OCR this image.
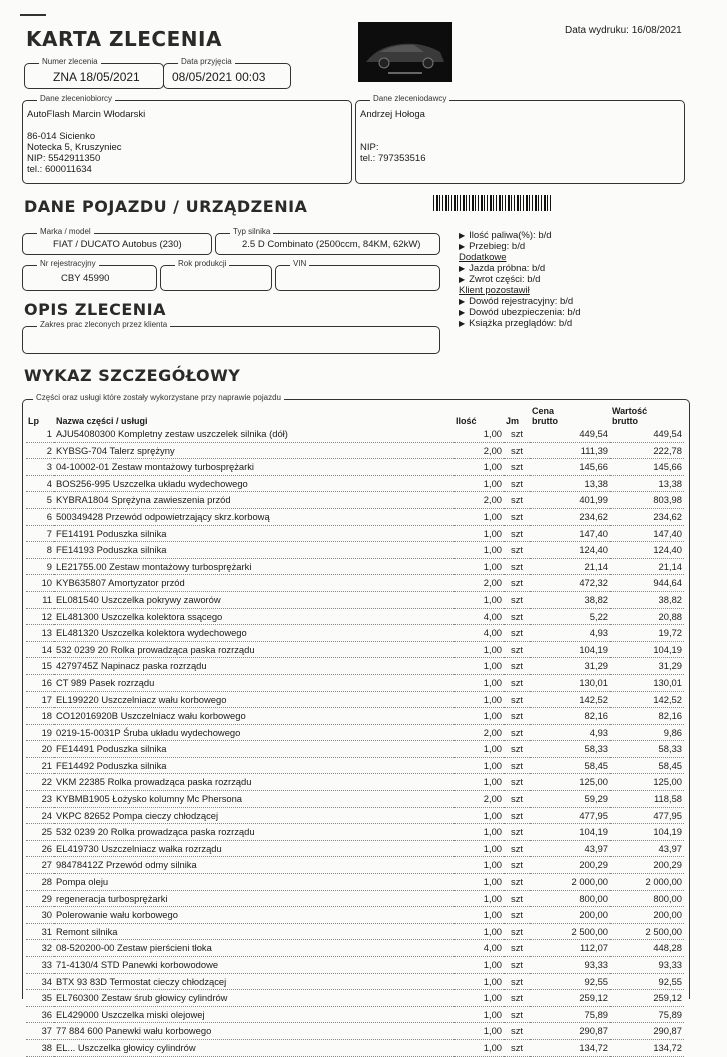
KARTA ZLECENIA	Data wydruku: 16/08/2021
Numer zlecenia
ZNA 18/05/2021
Data przyjęcia
08/05/2021 00:03
Dane zleceniobiorcy
AutoFlash Marcin Włodarski
86-014 Sicienko
Notecka 5, Kruszyniec
NIP: 5542911350
tel.: 600011634
Dane zleceniodawcy
Andrzej Hołoga
NIP:
tel.: 797353516
DANE POJAZDU / URZĄDZENIA
Marka / model
FIAT / DUCATO Autobus (230)
Typ silnika
2.5 D Combinato (2500ccm, 84KM, 62kW)
Nr rejestracyjny
CBY 45990
Rok produkcji	VIN
▶ Ilość paliwa(%): b/d
▶ Przebieg: b/d
Dodatkowe
▶ Jazda próbna: b/d
▶ Zwrot części: b/d
Klient pozostawił
▶ Dowód rejestracyjny: b/d
▶ Dowód ubezpieczenia: b/d
▶ Książka przeglądów: b/d
OPIS ZLECENIA
Zakres prac zleconych przez klienta
WYKAZ SZCZEGÓŁOWY
Części oraz usługi które zostały wykorzystane przy naprawie pojazdu
Lp	Nazwa części / usługi	Ilość	Jm	Cena
brutto	Wartość
brutto
1	AJU54080300 Kompletny zestaw uszczelek silnika (dół)	1,00	szt	449,54	449,54
2	KYBSG-704 Talerz sprężyny	2,00	szt	111,39	222,78
3	04-10002-01 Zestaw montażowy turbosprężarki	1,00	szt	145,66	145,66
4	BOS256-995 Uszczelka układu wydechowego	1,00	szt	13,38	13,38
5	KYBRA1804 Sprężyna zawieszenia przód	2,00	szt	401,99	803,98
6	500349428 Przewód odpowietrzający skrz.korbową	1,00	szt	234,62	234,62
7	FE14191 Poduszka silnika	1,00	szt	147,40	147,40
8	FE14193 Poduszka silnika	1,00	szt	124,40	124,40
9	LE21755.00 Zestaw montażowy turbosprężarki	1,00	szt	21,14	21,14
10	KYB635807 Amortyzator przód	2,00	szt	472,32	944,64
11	EL081540 Uszczelka pokrywy zaworów	1,00	szt	38,82	38,82
12	EL481300 Uszczelka kolektora ssącego	4,00	szt	5,22	20,88
13	EL481320 Uszczelka kolektora wydechowego	4,00	szt	4,93	19,72
14	532 0239 20 Rolka prowadząca paska rozrządu	1,00	szt	104,19	104,19
15	4279745Z Napinacz paska rozrządu	1,00	szt	31,29	31,29
16	CT 989 Pasek rozrządu	1,00	szt	130,01	130,01
17	EL199220 Uszczelniacz wału korbowego	1,00	szt	142,52	142,52
18	CO12016920B Uszczelniacz wału korbowego	1,00	szt	82,16	82,16
19	0219-15-0031P Śruba układu wydechowego	2,00	szt	4,93	9,86
20	FE14491 Poduszka silnika	1,00	szt	58,33	58,33
21	FE14492 Poduszka silnika	1,00	szt	58,45	58,45
22	VKM 22385 Rolka prowadząca paska rozrządu	1,00	szt	125,00	125,00
23	KYBMB1905 Łożysko kolumny Mc Phersona	2,00	szt	59,29	118,58
24	VKPC 82652 Pompa cieczy chłodzącej	1,00	szt	477,95	477,95
25	532 0239 20 Rolka prowadząca paska rozrządu	1,00	szt	104,19	104,19
26	EL419730 Uszczelniacz wałka rozrządu	1,00	szt	43,97	43,97
27	98478412Z Przewód odmy silnika	1,00	szt	200,29	200,29
28	Pompa oleju	1,00	szt	2 000,00	2 000,00
29	regeneracja turbosprężarki	1,00	szt	800,00	800,00
30	Polerowanie wału korbowego	1,00	szt	200,00	200,00
31	Remont silnika	1,00	szt	2 500,00	2 500,00
32	08-520200-00 Zestaw pierścieni tłoka	4,00	szt	112,07	448,28
33	71-4130/4 STD Panewki korbowodowe	1,00	szt	93,33	93,33
34	BTX 93 83D Termostat cieczy chłodzącej	1,00	szt	92,55	92,55
35	EL760300 Zestaw śrub głowicy cylindrów	1,00	szt	259,12	259,12
36	EL429000 Uszczelka miski olejowej	1,00	szt	75,89	75,89
37	77 884 600 Panewki wału korbowego	1,00	szt	290,87	290,87
38	EL... Uszczelka głowicy cylindrów	1,00	szt	134,72	134,72
